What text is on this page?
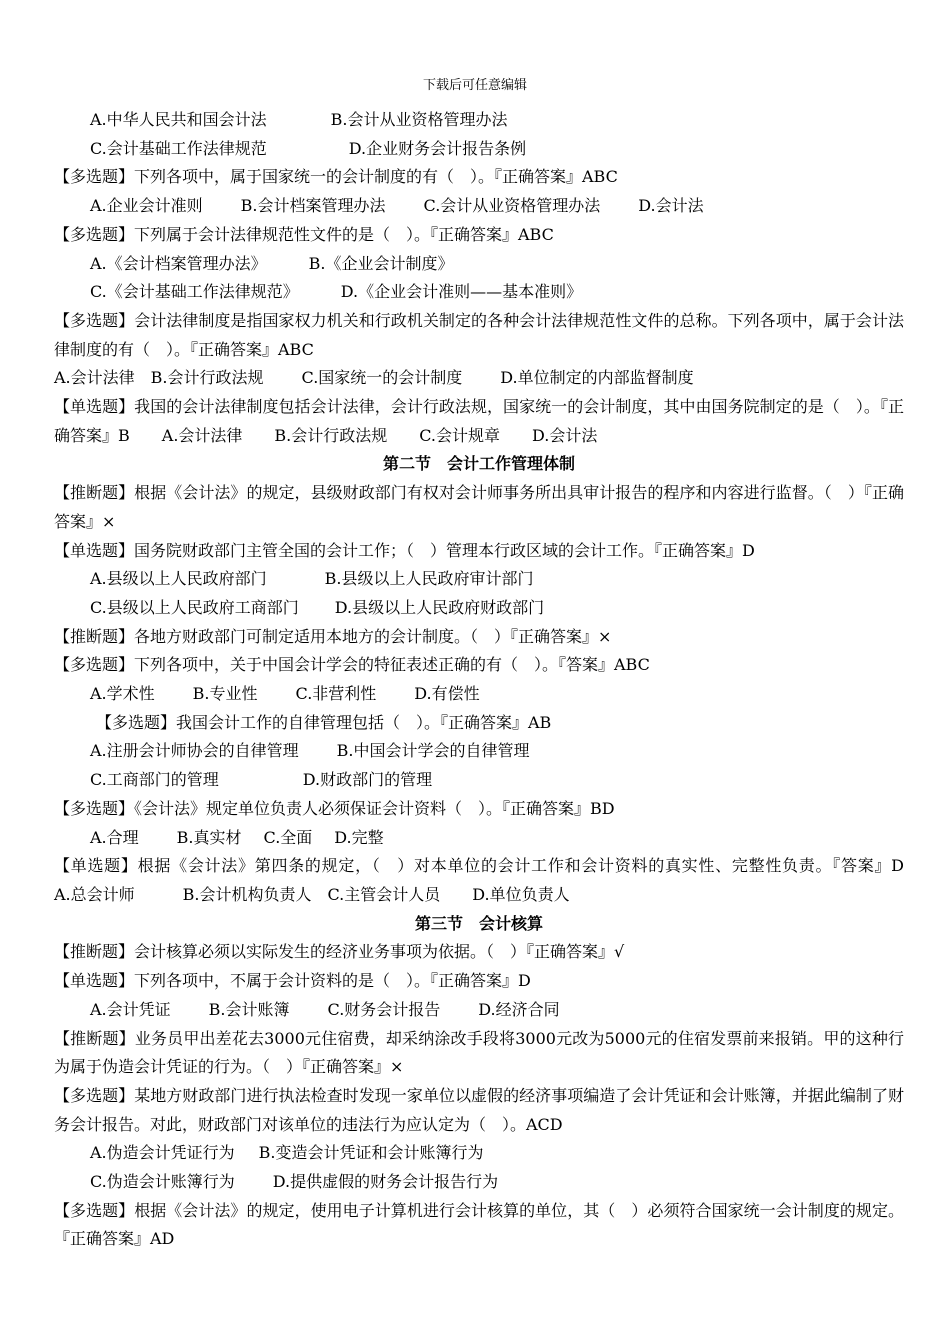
下载后可任意编辑
A.中华人民共和国会计法	B.会计从业资格管理办法
C.会计基础工作法律规范	D.企业财务会计报告条例
【多选题】下列各项中，属于国家统一的会计制度的有（　）。『正确答案』ABC
A.企业会计准则 B.会计档案管理办法 C.会计从业资格管理办法 D.会计法
【多选题】下列属于会计法律规范性文件的是（　）。『正确答案』ABC
A.《会计档案管理办法》	B.《企业会计制度》
C.《会计基础工作法律规范》	D.《企业会计准则——基本准则》
【多选题】会计法律制度是指国家权力机关和行政机关制定的各种会计法律规范性文件的总称。下列各项中，属于会计法律制度的有（　）。『正确答案』ABC
A.会计法律 B.会计行政法规 C.国家统一的会计制度 D.单位制定的内部监督制度
【单选题】我国的会计法律制度包括会计法律，会计行政法规，国家统一的会计制度，其中由国务院制定的是（　）。『正确答案』B　　A.会计法律　　B.会计行政法规　　C.会计规章　　D.会计法
第二节　会计工作管理体制
【推断题】根据《会计法》的规定，县级财政部门有权对会计师事务所出具审计报告的程序和内容进行监督。（　）『正确答案』×
【单选题】国务院财政部门主管全国的会计工作；（　）管理本行政区域的会计工作。『正确答案』D
A.县级以上人民政府部门	B.县级以上人民政府审计部门
C.县级以上人民政府工商部门 D.县级以上人民政府财政部门
【推断题】各地方财政部门可制定适用本地方的会计制度。（　）『正确答案』×
【多选题】下列各项中，关于中国会计学会的特征表述正确的有（　）。『答案』ABC
A.学术性 B.专业性 C.非营利性 D.有偿性
【多选题】我国会计工作的自律管理包括（　）。『正确答案』AB
A.注册会计师协会的自律管理 B.中国会计学会的自律管理
C.工商部门的管理	D.财政部门的管理
【多选题】《会计法》规定单位负责人必须保证会计资料（　）。『正确答案』BD
A.合理 B.真实材 C.全面 D.完整
【单选题】根据《会计法》第四条的规定，（　）对本单位的会计工作和会计资料的真实性、完整性负责。『答案』D　　A.总会计师　　　B.会计机构负责人　C.主管会计人员　　D.单位负责人
第三节　会计核算
【推断题】会计核算必须以实际发生的经济业务事项为依据。（　）『正确答案』√
【单选题】下列各项中，不属于会计资料的是（　）。『正确答案』D
A.会计凭证 B.会计账簿 C.财务会计报告 D.经济合同
【推断题】业务员甲出差花去3000元住宿费，却采纳涂改手段将3000元改为5000元的住宿发票前来报销。甲的这种行为属于伪造会计凭证的行为。（　）『正确答案』×
【多选题】某地方财政部门进行执法检查时发现一家单位以虚假的经济事项编造了会计凭证和会计账簿，并据此编制了财务会计报告。对此，财政部门对该单位的违法行为应认定为（　）。ACD
A.伪造会计凭证行为 B.变造会计凭证和会计账簿行为
C.伪造会计账簿行为 D.提供虚假的财务会计报告行为
【多选题】根据《会计法》的规定，使用电子计算机进行会计核算的单位，其（　）必须符合国家统一会计制度的规定。『正确答案』AD
